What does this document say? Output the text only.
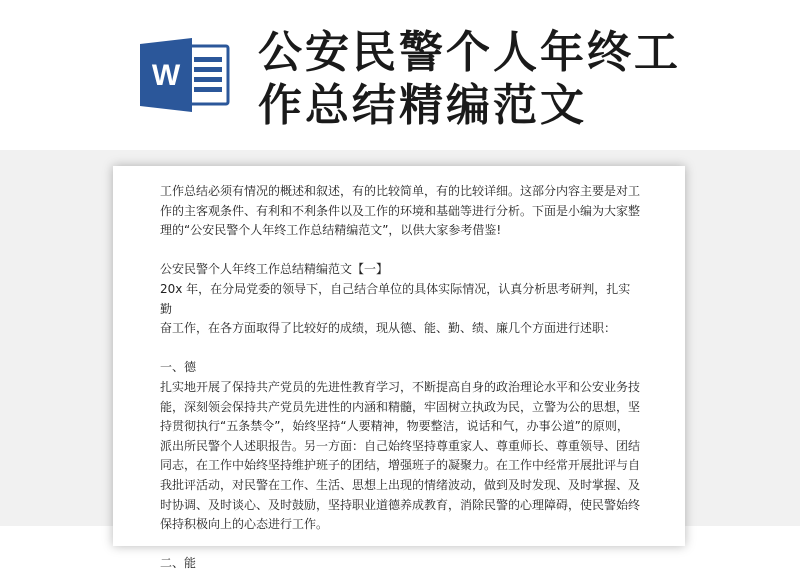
W 公安民警个人年终工
作总结精编范文

工作总结必须有情况的概述和叙述，有的比较简单，有的比较详细。这部分内容主要是对工

作的主客观条件、有利和不利条件以及工作的环境和基础等进行分析。下面是小编为大家整

理的“公安民警个人年终工作总结精编范文”，以供大家参考借鉴!

公安民警个人年终工作总结精编范文【一】

20x 年，在分局党委的领导下，自己结合单位的具体实际情况，认真分析思考研判，扎实勤

奋工作，在各方面取得了比较好的成绩，现从德、能、勤、绩、廉几个方面进行述职：

一、德

扎实地开展了保持共产党员的先进性教育学习，不断提高自身的政治理论水平和公安业务技

能，深刻领会保持共产党员先进性的内涵和精髓，牢固树立执政为民，立警为公的思想，坚

持贯彻执行“五条禁令”，始终坚持“人要精神，物要整洁，说话和气，办事公道”的原则，

派出所民警个人述职报告。另一方面：自己始终坚持尊重家人、尊重师长、尊重领导、团结

同志，在工作中始终坚持维护班子的团结，增强班子的凝聚力。在工作中经常开展批评与自

我批评活动，对民警在工作、生活、思想上出现的情绪波动，做到及时发现、及时掌握、及

时协调、及时谈心、及时鼓励，坚持职业道德养成教育，消除民警的心理障碍，使民警始终

保持积极向上的心态进行工作。

二、能
